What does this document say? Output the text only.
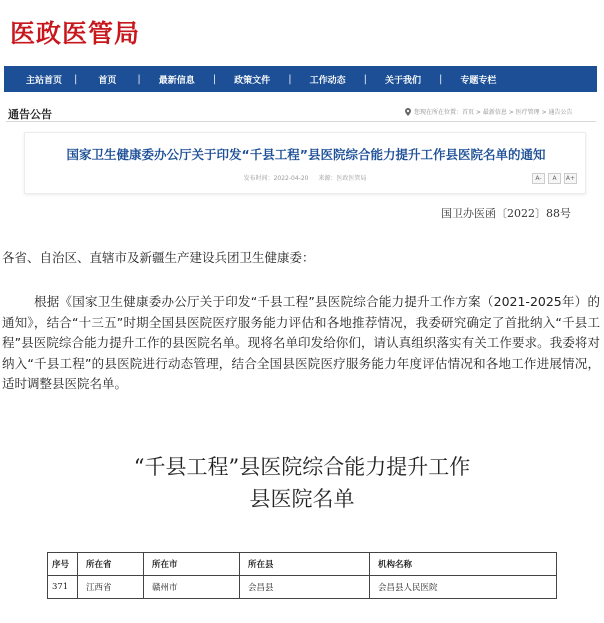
医政医管局
主站首页	|	首页	|	最新信息	|	政策文件	|	工作动态	|	关于我们	|	专题专栏
通告公告	您现在所在位置：首页 > 最新信息 > 医疗管理 > 通告公告
国家卫生健康委办公厅关于印发“千县工程”县医院综合能力提升工作县医院名单的通知
发布时间：2022-04-20 来源：医政医管局	A-	A	A+
国卫办医函〔2022〕88号
各省、自治区、直辖市及新疆生产建设兵团卫生健康委：
根据《国家卫生健康委办公厅关于印发“千县工程”县医院综合能力提升工作方案（2021-2025年）的通知》，结合“十三五”时期全国县医院医疗服务能力评估和各地推荐情况，我委研究确定了首批纳入“千县工程”县医院综合能力提升工作的县医院名单。现将名单印发给你们，请认真组织落实有关工作要求。我委将对纳入“千县工程”的县医院进行动态管理，结合全国县医院医疗服务能力年度评估情况和各地工作进展情况，适时调整县医院名单。
“千县工程”县医院综合能力提升工作
县医院名单
序号	所在省	所在市	所在县	机构名称
371	江西省	赣州市	会昌县	会昌县人民医院
